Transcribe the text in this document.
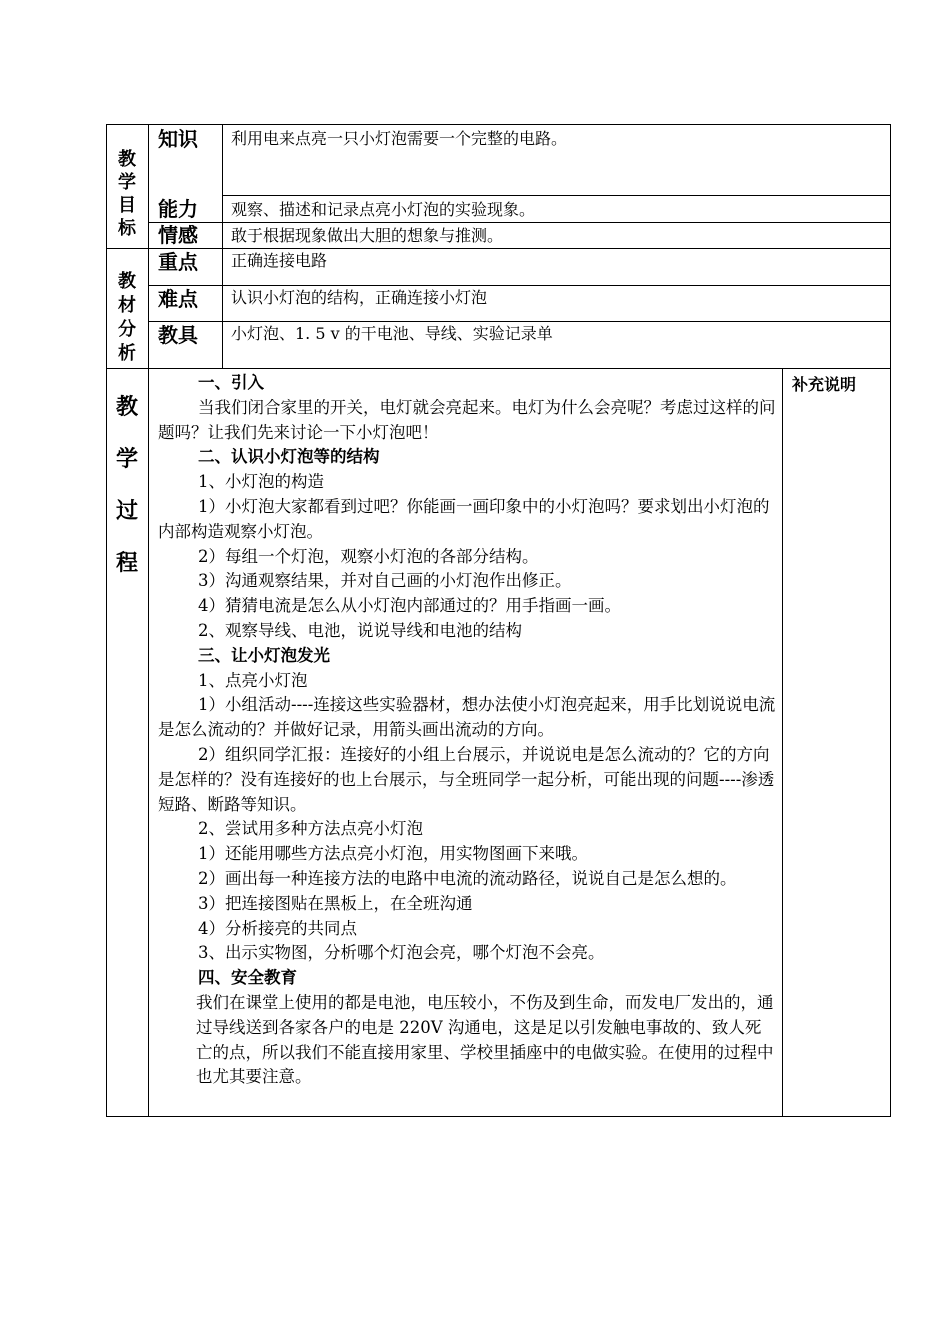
教
学
目
标
知识 利用电来点亮一只小灯泡需要一个完整的电路。
能力 观察、描述和记录点亮小灯泡的实验现象。
情感 敢于根据现象做出大胆的想象与推测。
教
材
分
析
重点 正确连接电路
难点 认识小灯泡的结构，正确连接小灯泡
教具 小灯泡、1. 5 v 的干电池、导线、实验记录单
教
学
过
程
补充说明

一、引入

当我们闭合家里的开关，电灯就会亮起来。电灯为什么会亮呢？考虑过这样的问题吗？让我们先来讨论一下小灯泡吧！

二、认识小灯泡等的结构

1、小灯泡的构造

1）小灯泡大家都看到过吧？你能画一画印象中的小灯泡吗？要求划出小灯泡的内部构造观察小灯泡。

2）每组一个灯泡，观察小灯泡的各部分结构。

3）沟通观察结果，并对自己画的小灯泡作出修正。

4）猜猜电流是怎么从小灯泡内部通过的？用手指画一画。

2、观察导线、电池，说说导线和电池的结构

三、让小灯泡发光

1、点亮小灯泡

1）小组活动----连接这些实验器材，想办法使小灯泡亮起来，用手比划说说电流是怎么流动的？并做好记录，用箭头画出流动的方向。

2）组织同学汇报：连接好的小组上台展示，并说说电是怎么流动的？它的方向是怎样的？没有连接好的也上台展示，与全班同学一起分析，可能出现的问题----渗透短路、断路等知识。

2、尝试用多种方法点亮小灯泡

1）还能用哪些方法点亮小灯泡，用实物图画下来哦。

2）画出每一种连接方法的电路中电流的流动路径，说说自己是怎么想的。

3）把连接图贴在黑板上，在全班沟通

4）分析接亮的共同点

3、出示实物图，分析哪个灯泡会亮，哪个灯泡不会亮。

四、安全教育

我们在课堂上使用的都是电池，电压较小，不伤及到生命，而发电厂发出的，通过导线送到各家各户的电是 220V 沟通电，这是足以引发触电事故的、致人死亡的点，所以我们不能直接用家里、学校里插座中的电做实验。在使用的过程中也尤其要注意。
